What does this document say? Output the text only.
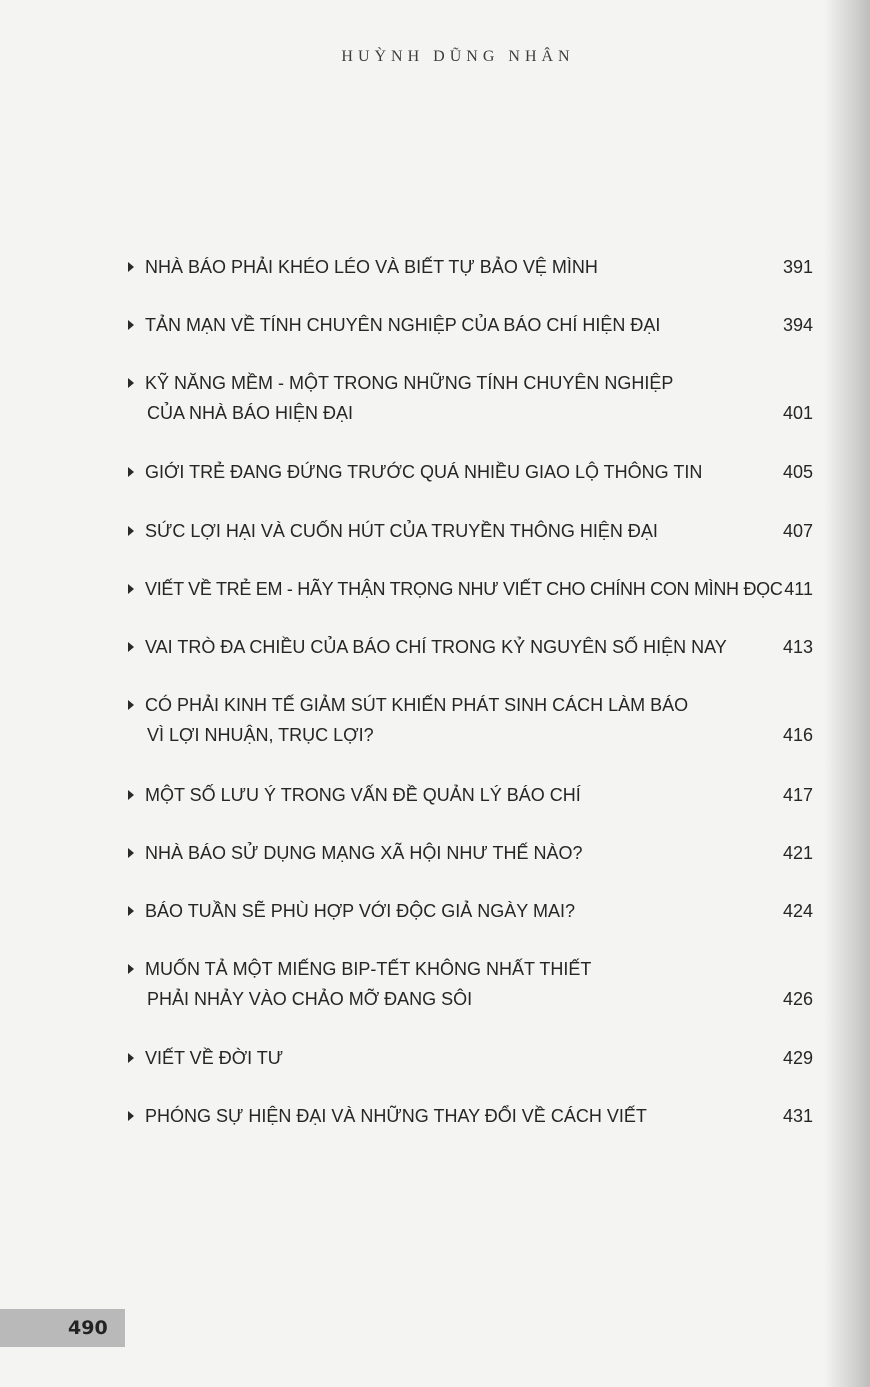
HUỲNH DŨNG NHÂN
NHÀ BÁO PHẢI KHÉO LÉO VÀ BIẾT TỰ BẢO VỆ MÌNH	391
TẢN MẠN VỀ TÍNH CHUYÊN NGHIỆP CỦA BÁO CHÍ HIỆN ĐẠI	394
KỸ NĂNG MỀM - MỘT TRONG NHỮNG TÍNH CHUYÊN NGHIỆP
CỦA NHÀ BÁO HIỆN ĐẠI	401
GIỚI TRẺ ĐANG ĐỨNG TRƯỚC QUÁ NHIỀU GIAO LỘ THÔNG TIN	405
SỨC LỢI HẠI VÀ CUỐN HÚT CỦA TRUYỀN THÔNG HIỆN ĐẠI	407
VIẾT VỀ TRẺ EM - HÃY THẬN TRỌNG NHƯ VIẾT CHO CHÍNH CON MÌNH ĐỌC 411
VAI TRÒ ĐA CHIỀU CỦA BÁO CHÍ TRONG KỶ NGUYÊN SỐ HIỆN NAY	413
CÓ PHẢI KINH TẾ GIẢM SÚT KHIẾN PHÁT SINH CÁCH LÀM BÁO
VÌ LỢI NHUẬN, TRỤC LỢI?	416
MỘT SỐ LƯU Ý TRONG VẤN ĐỀ QUẢN LÝ BÁO CHÍ	417
NHÀ BÁO SỬ DỤNG MẠNG XÃ HỘI NHƯ THẾ NÀO?	421
BÁO TUẦN SẼ PHÙ HỢP VỚI ĐỘC GIẢ NGÀY MAI?	424
MUỐN TẢ MỘT MIẾNG BIP-TẾT KHÔNG NHẤT THIẾT
PHẢI NHẢY VÀO CHẢO MỠ ĐANG SÔI	426
VIẾT VỀ ĐỜI TƯ	429
PHÓNG SỰ HIỆN ĐẠI VÀ NHỮNG THAY ĐỔI VỀ CÁCH VIẾT	431
490
